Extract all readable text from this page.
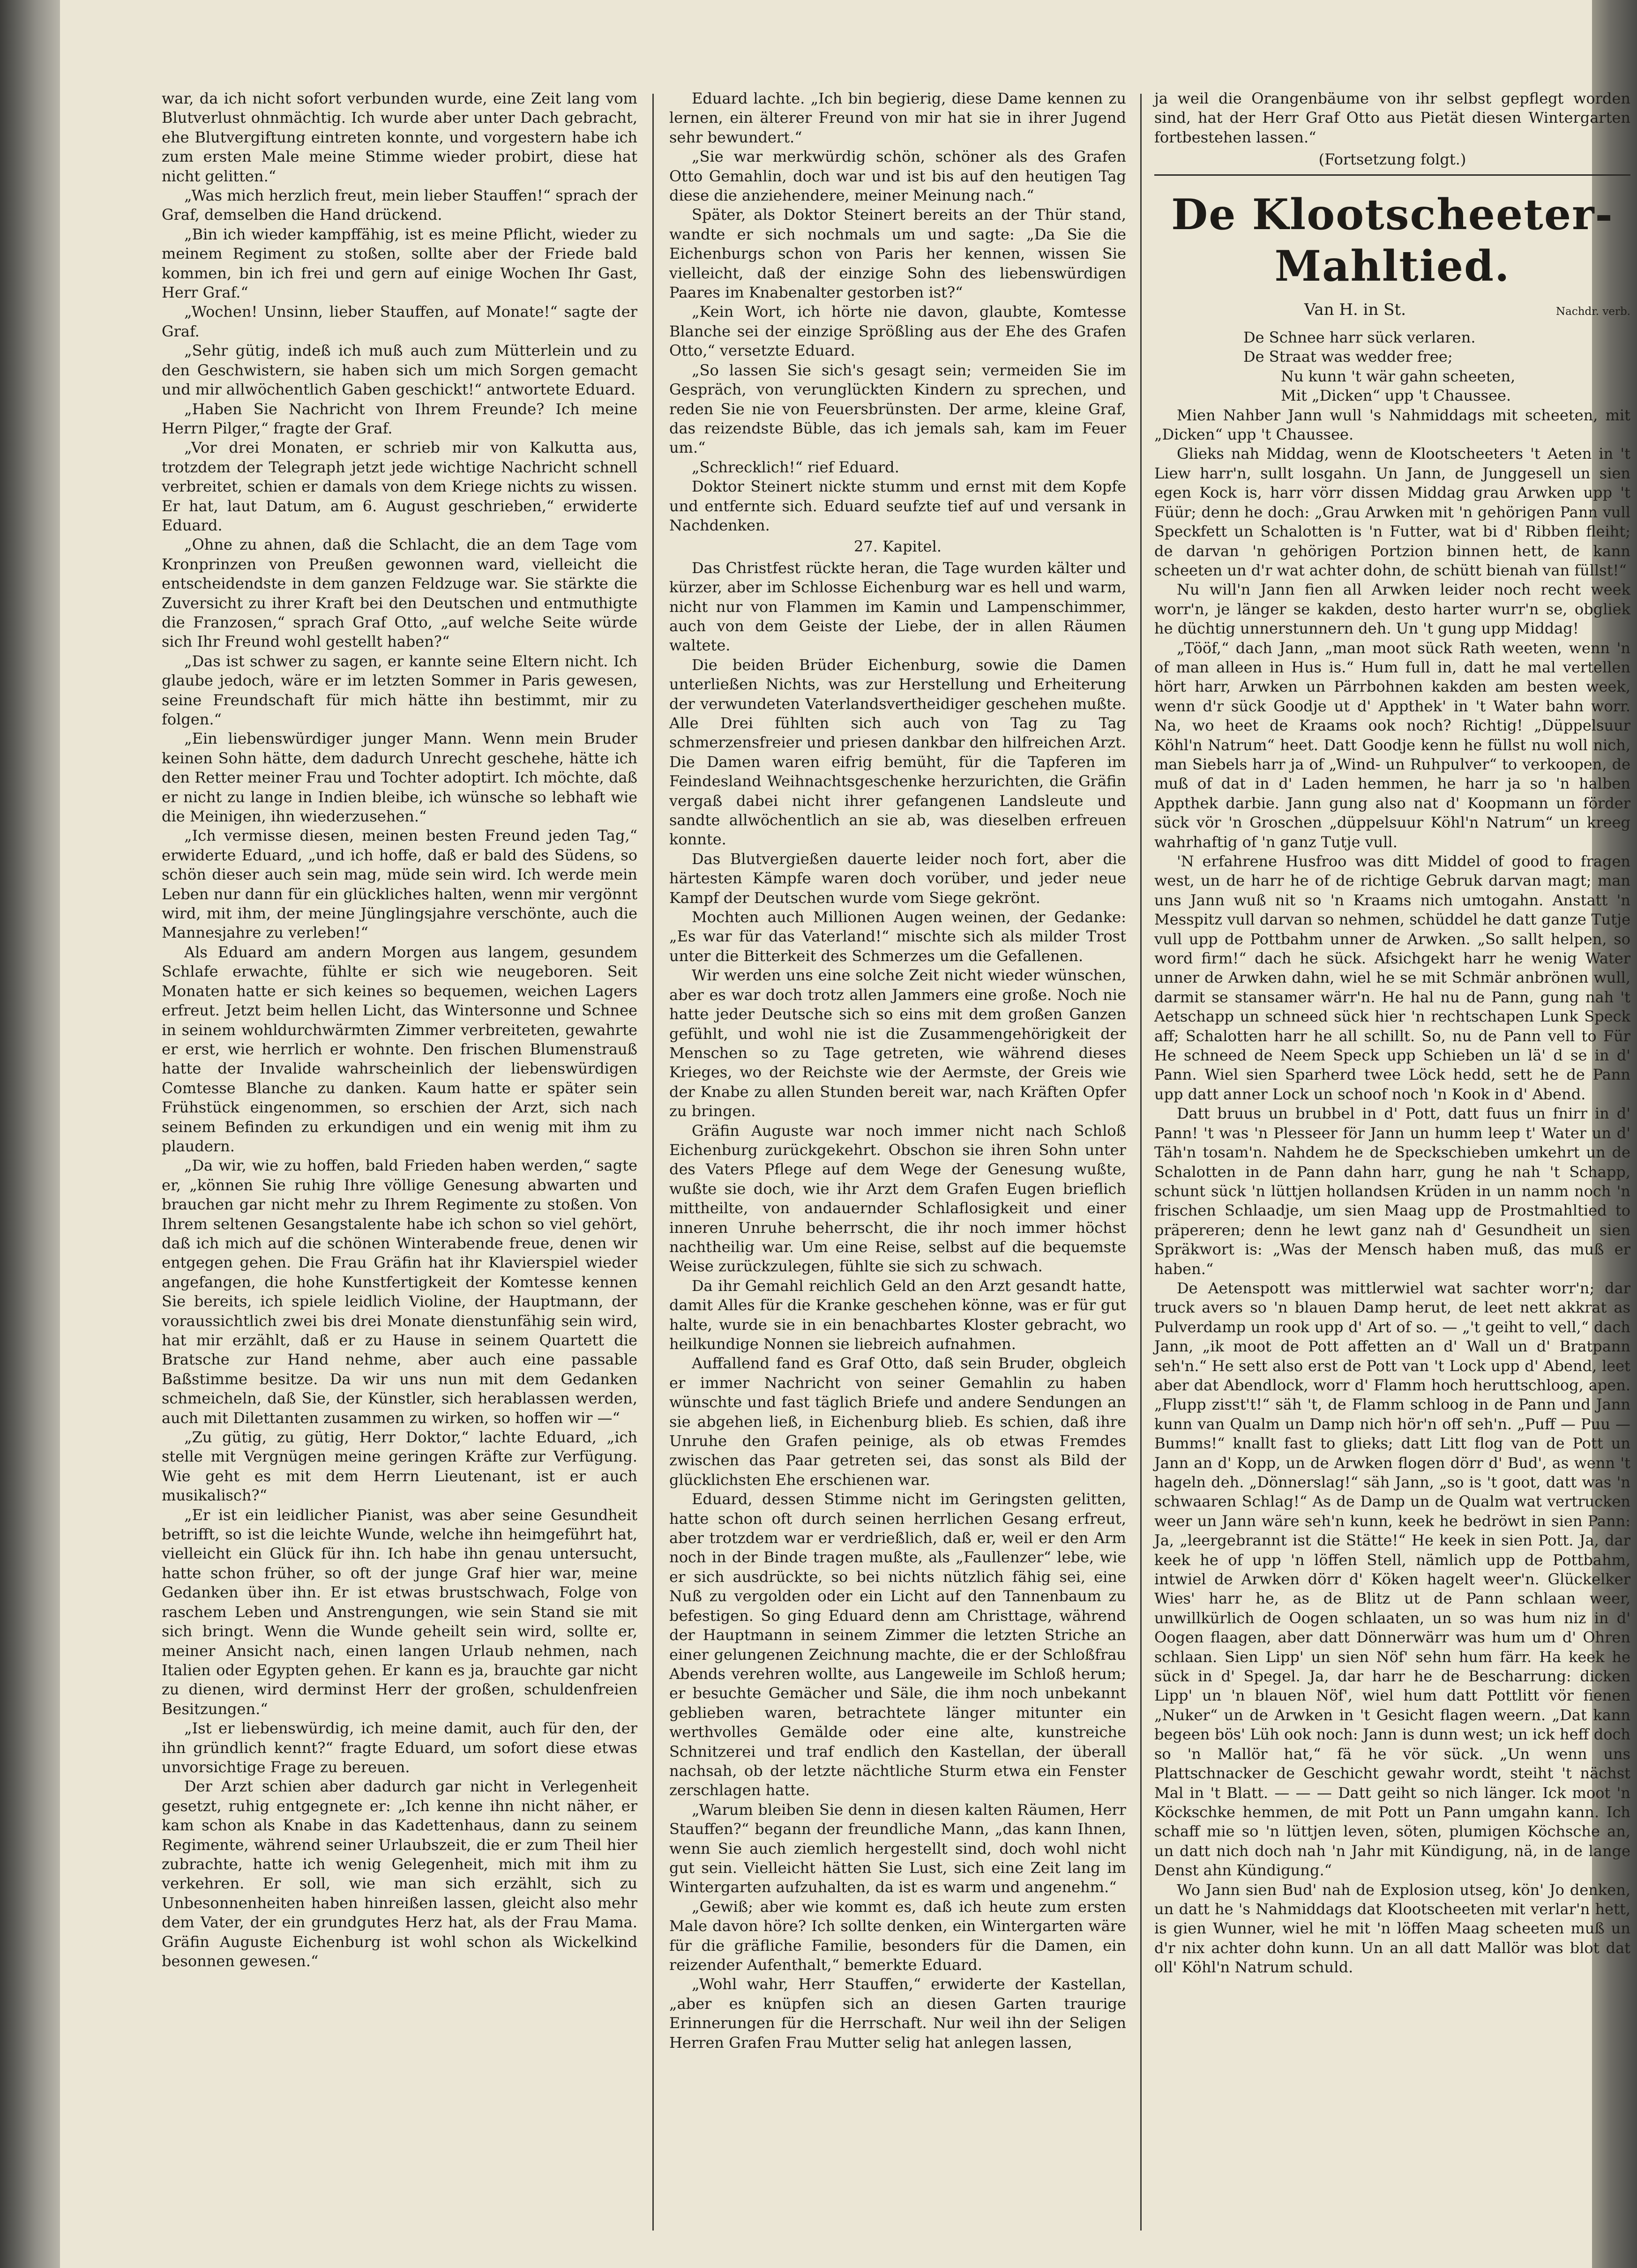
war, da ich nicht sofort verbunden wurde, eine Zeit lang vom Blutverlust ohnmächtig. Ich wurde aber unter Dach gebracht, ehe Blutvergiftung eintreten konnte, und vorgestern habe ich zum ersten Male meine Stimme wieder probirt, diese hat nicht gelitten.“

„Was mich herzlich freut, mein lieber Stauffen!“ sprach der Graf, demselben die Hand drückend.

„Bin ich wieder kampffähig, ist es meine Pflicht, wieder zu meinem Regiment zu stoßen, sollte aber der Friede bald kommen, bin ich frei und gern auf einige Wochen Ihr Gast, Herr Graf.“

„Wochen! Unsinn, lieber Stauffen, auf Monate!“ sagte der Graf.

„Sehr gütig, indeß ich muß auch zum Mütterlein und zu den Geschwistern, sie haben sich um mich Sorgen gemacht und mir allwöchentlich Gaben geschickt!“ antwortete Eduard.

„Haben Sie Nachricht von Ihrem Freunde? Ich meine Herrn Pilger,“ fragte der Graf.

„Vor drei Monaten, er schrieb mir von Kalkutta aus, trotzdem der Telegraph jetzt jede wichtige Nachricht schnell verbreitet, schien er damals von dem Kriege nichts zu wissen. Er hat, laut Datum, am 6. August geschrieben,“ erwiderte Eduard.

„Ohne zu ahnen, daß die Schlacht, die an dem Tage vom Kronprinzen von Preußen gewonnen ward, vielleicht die entscheidendste in dem ganzen Feldzuge war. Sie stärkte die Zuversicht zu ihrer Kraft bei den Deutschen und entmuthigte die Franzosen,“ sprach Graf Otto, „auf welche Seite würde sich Ihr Freund wohl gestellt haben?“

„Das ist schwer zu sagen, er kannte seine Eltern nicht. Ich glaube jedoch, wäre er im letzten Sommer in Paris gewesen, seine Freundschaft für mich hätte ihn bestimmt, mir zu folgen.“

„Ein liebenswürdiger junger Mann. Wenn mein Bruder keinen Sohn hätte, dem dadurch Unrecht geschehe, hätte ich den Retter meiner Frau und Tochter adoptirt. Ich möchte, daß er nicht zu lange in Indien bleibe, ich wünsche so lebhaft wie die Meinigen, ihn wiederzusehen.“

„Ich vermisse diesen, meinen besten Freund jeden Tag,“ erwiderte Eduard, „und ich hoffe, daß er bald des Südens, so schön dieser auch sein mag, müde sein wird. Ich werde mein Leben nur dann für ein glückliches halten, wenn mir vergönnt wird, mit ihm, der meine Jünglingsjahre verschönte, auch die Mannesjahre zu verleben!“

Als Eduard am andern Morgen aus langem, gesundem Schlafe erwachte, fühlte er sich wie neugeboren. Seit Monaten hatte er sich keines so bequemen, weichen Lagers erfreut. Jetzt beim hellen Licht, das Wintersonne und Schnee in seinem wohldurchwärmten Zimmer verbreiteten, gewahrte er erst, wie herrlich er wohnte. Den frischen Blumenstrauß hatte der Invalide wahrscheinlich der liebenswürdigen Comtesse Blanche zu danken. Kaum hatte er später sein Frühstück eingenommen, so erschien der Arzt, sich nach seinem Befinden zu erkundigen und ein wenig mit ihm zu plaudern.

„Da wir, wie zu hoffen, bald Frieden haben werden,“ sagte er, „können Sie ruhig Ihre völlige Genesung abwarten und brauchen gar nicht mehr zu Ihrem Regimente zu stoßen. Von Ihrem seltenen Gesangstalente habe ich schon so viel gehört, daß ich mich auf die schönen Winterabende freue, denen wir entgegen gehen. Die Frau Gräfin hat ihr Klavierspiel wieder angefangen, die hohe Kunstfertigkeit der Komtesse kennen Sie bereits, ich spiele leidlich Violine, der Hauptmann, der voraussichtlich zwei bis drei Monate dienstunfähig sein wird, hat mir erzählt, daß er zu Hause in seinem Quartett die Bratsche zur Hand nehme, aber auch eine passable Baßstimme besitze. Da wir uns nun mit dem Gedanken schmeicheln, daß Sie, der Künstler, sich herablassen werden, auch mit Dilettanten zusammen zu wirken, so hoffen wir —“

„Zu gütig, zu gütig, Herr Doktor,“ lachte Eduard, „ich stelle mit Vergnügen meine geringen Kräfte zur Verfügung. Wie geht es mit dem Herrn Lieutenant, ist er auch musikalisch?“

„Er ist ein leidlicher Pianist, was aber seine Gesundheit betrifft, so ist die leichte Wunde, welche ihn heimgeführt hat, vielleicht ein Glück für ihn. Ich habe ihn genau untersucht, hatte schon früher, so oft der junge Graf hier war, meine Gedanken über ihn. Er ist etwas brustschwach, Folge von raschem Leben und Anstrengungen, wie sein Stand sie mit sich bringt. Wenn die Wunde geheilt sein wird, sollte er, meiner Ansicht nach, einen langen Urlaub nehmen, nach Italien oder Egypten gehen. Er kann es ja, brauchte gar nicht zu dienen, wird derminst Herr der großen, schuldenfreien Besitzungen.“

„Ist er liebenswürdig, ich meine damit, auch für den, der ihn gründlich kennt?“ fragte Eduard, um sofort diese etwas unvorsichtige Frage zu bereuen.

Der Arzt schien aber dadurch gar nicht in Verlegenheit gesetzt, ruhig entgegnete er: „Ich kenne ihn nicht näher, er kam schon als Knabe in das Kadettenhaus, dann zu seinem Regimente, während seiner Urlaubszeit, die er zum Theil hier zubrachte, hatte ich wenig Gelegenheit, mich mit ihm zu verkehren. Er soll, wie man sich erzählt, sich zu Unbesonnenheiten haben hinreißen lassen, gleicht also mehr dem Vater, der ein grundgutes Herz hat, als der Frau Mama. Gräfin Auguste Eichenburg ist wohl schon als Wickelkind besonnen gewesen.“

Eduard lachte. „Ich bin begierig, diese Dame kennen zu lernen, ein älterer Freund von mir hat sie in ihrer Jugend sehr bewundert.“

„Sie war merkwürdig schön, schöner als des Grafen Otto Gemahlin, doch war und ist bis auf den heutigen Tag diese die anziehendere, meiner Meinung nach.“

Später, als Doktor Steinert bereits an der Thür stand, wandte er sich nochmals um und sagte: „Da Sie die Eichenburgs schon von Paris her kennen, wissen Sie vielleicht, daß der einzige Sohn des liebenswürdigen Paares im Knabenalter gestorben ist?“

„Kein Wort, ich hörte nie davon, glaubte, Komtesse Blanche sei der einzige Sprößling aus der Ehe des Grafen Otto,“ versetzte Eduard.

„So lassen Sie sich's gesagt sein; vermeiden Sie im Gespräch, von verunglückten Kindern zu sprechen, und reden Sie nie von Feuersbrünsten. Der arme, kleine Graf, das reizendste Büble, das ich jemals sah, kam im Feuer um.“

„Schrecklich!“ rief Eduard.

Doktor Steinert nickte stumm und ernst mit dem Kopfe und entfernte sich. Eduard seufzte tief auf und versank in Nachdenken.

27. Kapitel.

Das Christfest rückte heran, die Tage wurden kälter und kürzer, aber im Schlosse Eichenburg war es hell und warm, nicht nur von Flammen im Kamin und Lampenschimmer, auch von dem Geiste der Liebe, der in allen Räumen waltete.

Die beiden Brüder Eichenburg, sowie die Damen unterließen Nichts, was zur Herstellung und Erheiterung der verwundeten Vaterlandsvertheidiger geschehen mußte. Alle Drei fühlten sich auch von Tag zu Tag schmerzensfreier und priesen dankbar den hilfreichen Arzt. Die Damen waren eifrig bemüht, für die Tapferen im Feindesland Weihnachtsgeschenke herzurichten, die Gräfin vergaß dabei nicht ihrer gefangenen Landsleute und sandte allwöchentlich an sie ab, was dieselben erfreuen konnte.

Das Blutvergießen dauerte leider noch fort, aber die härtesten Kämpfe waren doch vorüber, und jeder neue Kampf der Deutschen wurde vom Siege gekrönt.

Mochten auch Millionen Augen weinen, der Gedanke: „Es war für das Vaterland!“ mischte sich als milder Trost unter die Bitterkeit des Schmerzes um die Gefallenen.

Wir werden uns eine solche Zeit nicht wieder wünschen, aber es war doch trotz allen Jammers eine große. Noch nie hatte jeder Deutsche sich so eins mit dem großen Ganzen gefühlt, und wohl nie ist die Zusammengehörigkeit der Menschen so zu Tage getreten, wie während dieses Krieges, wo der Reichste wie der Aermste, der Greis wie der Knabe zu allen Stunden bereit war, nach Kräften Opfer zu bringen.

Gräfin Auguste war noch immer nicht nach Schloß Eichenburg zurückgekehrt. Obschon sie ihren Sohn unter des Vaters Pflege auf dem Wege der Genesung wußte, wußte sie doch, wie ihr Arzt dem Grafen Eugen brieflich mittheilte, von andauernder Schlaflosigkeit und einer inneren Unruhe beherrscht, die ihr noch immer höchst nachtheilig war. Um eine Reise, selbst auf die bequemste Weise zurückzulegen, fühlte sie sich zu schwach.

Da ihr Gemahl reichlich Geld an den Arzt gesandt hatte, damit Alles für die Kranke geschehen könne, was er für gut halte, wurde sie in ein benachbartes Kloster gebracht, wo heilkundige Nonnen sie liebreich aufnahmen.

Auffallend fand es Graf Otto, daß sein Bruder, obgleich er immer Nachricht von seiner Gemahlin zu haben wünschte und fast täglich Briefe und andere Sendungen an sie abgehen ließ, in Eichenburg blieb. Es schien, daß ihre Unruhe den Grafen peinige, als ob etwas Fremdes zwischen das Paar getreten sei, das sonst als Bild der glücklichsten Ehe erschienen war.

Eduard, dessen Stimme nicht im Geringsten gelitten, hatte schon oft durch seinen herrlichen Gesang erfreut, aber trotzdem war er verdrießlich, daß er, weil er den Arm noch in der Binde tragen mußte, als „Faullenzer“ lebe, wie er sich ausdrückte, so bei nichts nützlich fähig sei, eine Nuß zu vergolden oder ein Licht auf den Tannenbaum zu befestigen. So ging Eduard denn am Christtage, während der Hauptmann in seinem Zimmer die letzten Striche an einer gelungenen Zeichnung machte, die er der Schloßfrau Abends verehren wollte, aus Langeweile im Schloß herum; er besuchte Gemächer und Säle, die ihm noch unbekannt geblieben waren, betrachtete länger mitunter ein werthvolles Gemälde oder eine alte, kunstreiche Schnitzerei und traf endlich den Kastellan, der überall nachsah, ob der letzte nächtliche Sturm etwa ein Fenster zerschlagen hatte.

„Warum bleiben Sie denn in diesen kalten Räumen, Herr Stauffen?“ begann der freundliche Mann, „das kann Ihnen, wenn Sie auch ziemlich hergestellt sind, doch wohl nicht gut sein. Vielleicht hätten Sie Lust, sich eine Zeit lang im Wintergarten aufzuhalten, da ist es warm und angenehm.“

„Gewiß; aber wie kommt es, daß ich heute zum ersten Male davon höre? Ich sollte denken, ein Wintergarten wäre für die gräfliche Familie, besonders für die Damen, ein reizender Aufenthalt,“ bemerkte Eduard.

„Wohl wahr, Herr Stauffen,“ erwiderte der Kastellan, „aber es knüpfen sich an diesen Garten traurige Erinnerungen für die Herrschaft. Nur weil ihn der Seligen Herren Grafen Frau Mutter selig hat anlegen lassen,

ja weil die Orangenbäume von ihr selbst gepflegt worden sind, hat der Herr Graf Otto aus Pietät diesen Wintergarten fortbestehen lassen.“

(Fortsetzung folgt.)

De Klootscheeter-Mahltied.
Van H. in St.	Nachdr. verb.
De Schnee harr sück verlaren.
De Straat was wedder free;
Nu kunn 't wär gahn scheeten,
Mit „Dicken“ upp 't Chaussee.

Mien Nahber Jann wull 's Nahmiddags mit scheeten, mit „Dicken“ upp 't Chaussee.

Glieks nah Middag, wenn de Klootscheeters 't Aeten in 't Liew harr'n, sullt losgahn. Un Jann, de Junggesell un sien egen Kock is, harr vörr dissen Middag grau Arwken upp 't Füür; denn he doch: „Grau Arwken mit 'n gehörigen Pann vull Speckfett un Schalotten is 'n Futter, wat bi d' Ribben fleiht; de darvan 'n gehörigen Portzion binnen hett, de kann scheeten un d'r wat achter dohn, de schütt bienah van füllst!“

Nu will'n Jann fien all Arwken leider noch recht week worr'n, je länger se kakden, desto harter wurr'n se, obgliek he düchtig unnerstunnern deh. Un 't gung upp Middag!

„Tööf,“ dach Jann, „man moot sück Rath weeten, wenn 'n of man alleen in Hus is.“ Hum full in, datt he mal vertellen hört harr, Arwken un Pärrbohnen kakden am besten week, wenn d'r sück Goodje ut d' Appthek' in 't Water bahn worr. Na, wo heet de Kraams ook noch? Richtig! „Düppelsuur Köhl'n Natrum“ heet. Datt Goodje kenn he füllst nu woll nich, man Siebels harr ja of „Wind- un Ruhpulver“ to verkoopen, de muß of dat in d' Laden hemmen, he harr ja so 'n halben Appthek darbie. Jann gung also nat d' Koopmann un förder sück vör 'n Groschen „düppelsuur Köhl'n Natrum“ un kreeg wahrhaftig of 'n ganz Tutje vull.

'N erfahrene Husfroo was ditt Middel of good to fragen west, un de harr he of de richtige Gebruk darvan magt; man uns Jann wuß nit so 'n Kraams nich umtogahn. Anstatt 'n Messpitz vull darvan so nehmen, schüddel he datt ganze Tutje vull upp de Pottbahm unner de Arwken. „So sallt helpen, so word firm!“ dach he sück. Afsichgekt harr he wenig Water unner de Arwken dahn, wiel he se mit Schmär anbrönen wull, darmit se stansamer wärr'n. He hal nu de Pann, gung nah 't Aetschapp un schneed sück hier 'n rechtschapen Lunk Speck aff; Schalotten harr he all schillt. So, nu de Pann vell to Für He schneed de Neem Speck upp Schieben un lä' d se in d' Pann. Wiel sien Sparherd twee Löck hedd, sett he de Pann upp datt anner Lock un schoof noch 'n Kook in d' Abend.

Datt bruus un brubbel in d' Pott, datt fuus un fnirr in d' Pann! 't was 'n Plesseer för Jann un humm leep t' Water un d' Täh'n tosam'n. Nahdem he de Speckschieben umkehrt un de Schalotten in de Pann dahn harr, gung he nah 't Schapp, schunt sück 'n lüttjen hollandsen Krüden in un namm noch 'n frischen Schlaadje, um sien Maag upp de Prostmahltied to präpereren; denn he lewt ganz nah d' Gesundheit un sien Spräkwort is: „Was der Mensch haben muß, das muß er haben.“

De Aetenspott was mittlerwiel wat sachter worr'n; dar truck avers so 'n blauen Damp herut, de leet nett akkrat as Pulverdamp un rook upp d' Art of so. — „'t geiht to vell,“ dach Jann, „ik moot de Pott affetten an d' Wall un d' Bratpann seh'n.“ He sett also erst de Pott van 't Lock upp d' Abend, leet aber dat Abendlock, worr d' Flamm hoch heruttschloog, apen. „Flupp zisst't!“ säh 't, de Flamm schloog in de Pann und Jann kunn van Qualm un Damp nich hör'n off seh'n. „Puff — Puu — Bumms!“ knallt fast to glieks; datt Litt flog van de Pott un Jann an d' Kopp, un de Arwken flogen dörr d' Bud', as wenn 't hageln deh. „Dönnerslag!“ säh Jann, „so is 't goot, datt was 'n schwaaren Schlag!“ As de Damp un de Qualm wat vertrucken weer un Jann wäre seh'n kunn, keek he bedröwt in sien Pann: Ja, „leergebrannt ist die Stätte!“ He keek in sien Pott. Ja, dar keek he of upp 'n löffen Stell, nämlich upp de Pottbahm, intwiel de Arwken dörr d' Köken hagelt weer'n. Glückelker Wies' harr he, as de Blitz ut de Pann schlaan weer, unwillkürlich de Oogen schlaaten, un so was hum niz in d' Oogen flaagen, aber datt Dönnerwärr was hum um d' Ohren schlaan. Sien Lipp' un sien Nöf' sehn hum färr. Ha keek he sück in d' Spegel. Ja, dar harr he de Bescharrung: dicken Lipp' un 'n blauen Nöf', wiel hum datt Pottlitt vör fienen „Nuker“ un de Arwken in 't Gesicht flagen weern. „Dat kann begeen bös' Lüh ook noch: Jann is dunn west; un ick heff doch so 'n Mallör hat,“ fä he vör sück. „Un wenn uns Plattschnacker de Geschicht gewahr wordt, steiht 't nächst Mal in 't Blatt. — — — Datt geiht so nich länger. Ick moot 'n Köckschke hemmen, de mit Pott un Pann umgahn kann. Ich schaff mie so 'n lüttjen leven, söten, plumigen Köchsche an, un datt nich doch nah 'n Jahr mit Kündigung, nä, in de lange Denst ahn Kündigung.“

Wo Jann sien Bud' nah de Explosion utseg, kön' Jo denken, un datt he 's Nahmiddags dat Klootscheeten mit verlar'n hett, is gien Wunner, wiel he mit 'n löffen Maag scheeten muß un d'r nix achter dohn kunn. Un an all datt Mallör was blot dat oll' Köhl'n Natrum schuld.
